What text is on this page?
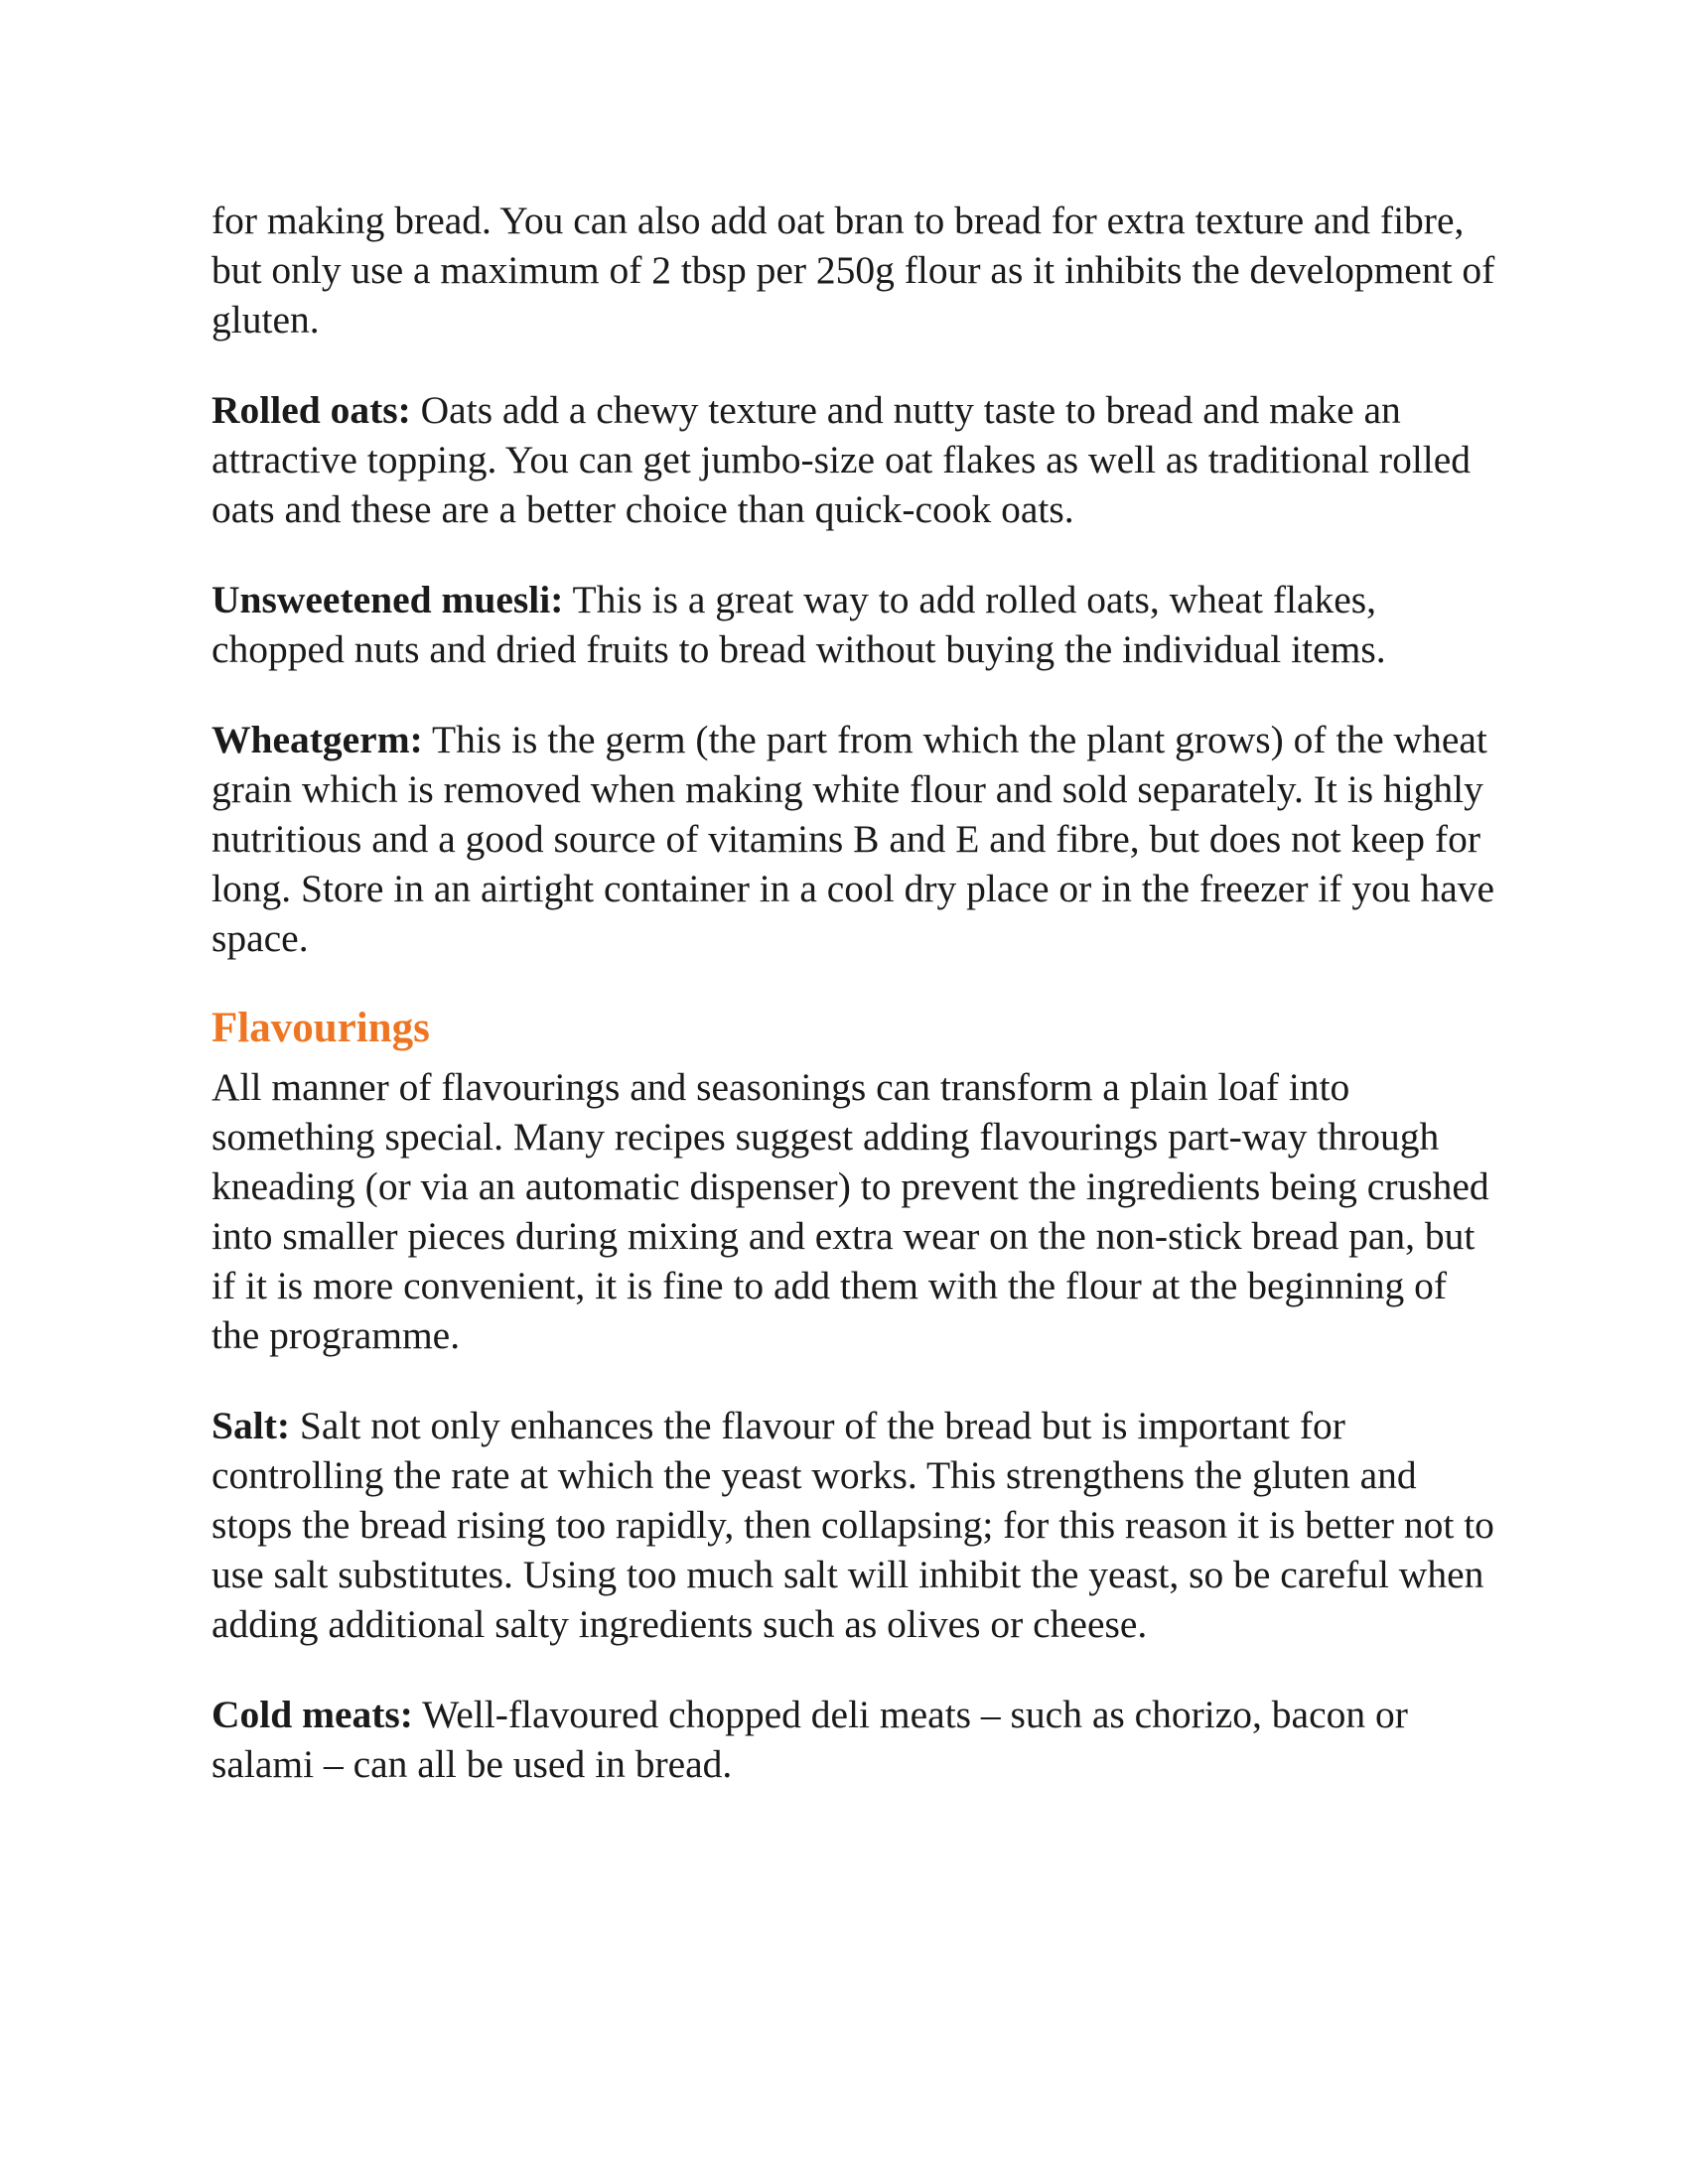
for making bread. You can also add oat bran to bread for extra texture and fibre, but only use a maximum of 2 tbsp per 250g flour as it inhibits the development of gluten.

Rolled oats: Oats add a chewy texture and nutty taste to bread and make an attractive topping. You can get jumbo-size oat flakes as well as traditional rolled oats and these are a better choice than quick-cook oats.

Unsweetened muesli: This is a great way to add rolled oats, wheat flakes, chopped nuts and dried fruits to bread without buying the individual items.

Wheatgerm: This is the germ (the part from which the plant grows) of the wheat grain which is removed when making white flour and sold separately. It is highly nutritious and a good source of vitamins B and E and fibre, but does not keep for long. Store in an airtight container in a cool dry place or in the freezer if you have space.

Flavourings

All manner of flavourings and seasonings can transform a plain loaf into something special. Many recipes suggest adding flavourings part-way through kneading (or via an automatic dispenser) to prevent the ingredients being crushed into smaller pieces during mixing and extra wear on the non-stick bread pan, but if it is more convenient, it is fine to add them with the flour at the beginning of the programme.

Salt: Salt not only enhances the flavour of the bread but is important for controlling the rate at which the yeast works. This strengthens the gluten and stops the bread rising too rapidly, then collapsing; for this reason it is better not to use salt substitutes. Using too much salt will inhibit the yeast, so be careful when adding additional salty ingredients such as olives or cheese.

Cold meats: Well-flavoured chopped deli meats – such as chorizo, bacon or salami – can all be used in bread.
